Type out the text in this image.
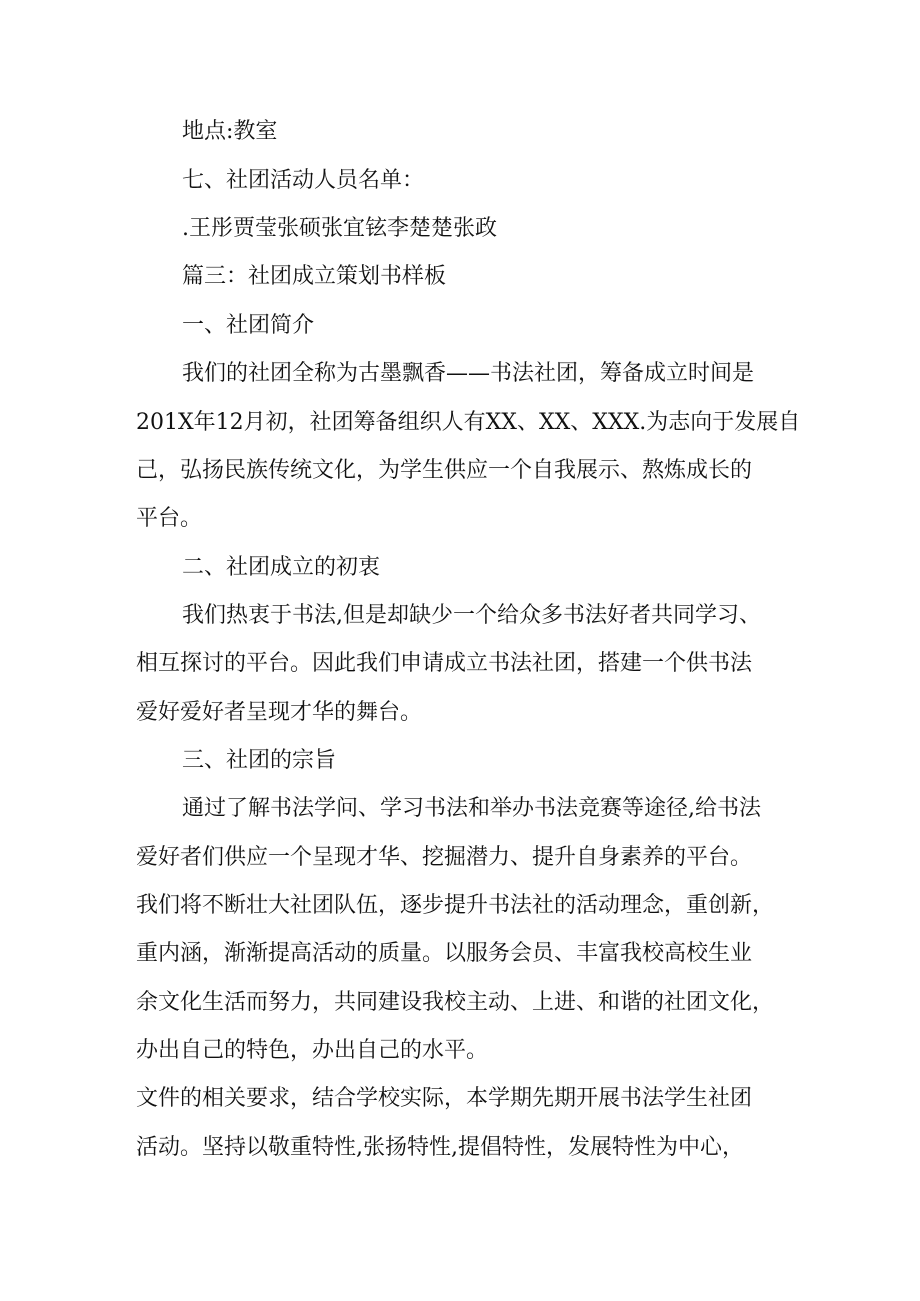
地点:教室
七、社团活动人员名单：
.王彤贾莹张硕张宜铉李楚楚张政
篇三：社团成立策划书样板
一、社团简介
我们的社团全称为古墨飘香——书法社团，筹备成立时间是
201X年12月初，社团筹备组织人有XX、XX、XXX.为志向于发展自
己，弘扬民族传统文化，为学生供应一个自我展示、熬炼成长的
平台。
二、社团成立的初衷
我们热衷于书法,但是却缺少一个给众多书法好者共同学习、
相互探讨的平台。因此我们申请成立书法社团，搭建一个供书法
爱好爱好者呈现才华的舞台。
三、社团的宗旨
通过了解书法学问、学习书法和举办书法竞赛等途径,给书法
爱好者们供应一个呈现才华、挖掘潜力、提升自身素养的平台。
我们将不断壮大社团队伍，逐步提升书法社的活动理念，重创新，
重内涵，渐渐提高活动的质量。以服务会员、丰富我校高校生业
余文化生活而努力，共同建设我校主动、上进、和谐的社团文化，
办出自己的特色，办出自己的水平。
文件的相关要求，结合学校实际，本学期先期开展书法学生社团
活动。坚持以敬重特性,张扬特性,提倡特性，发展特性为中心，
